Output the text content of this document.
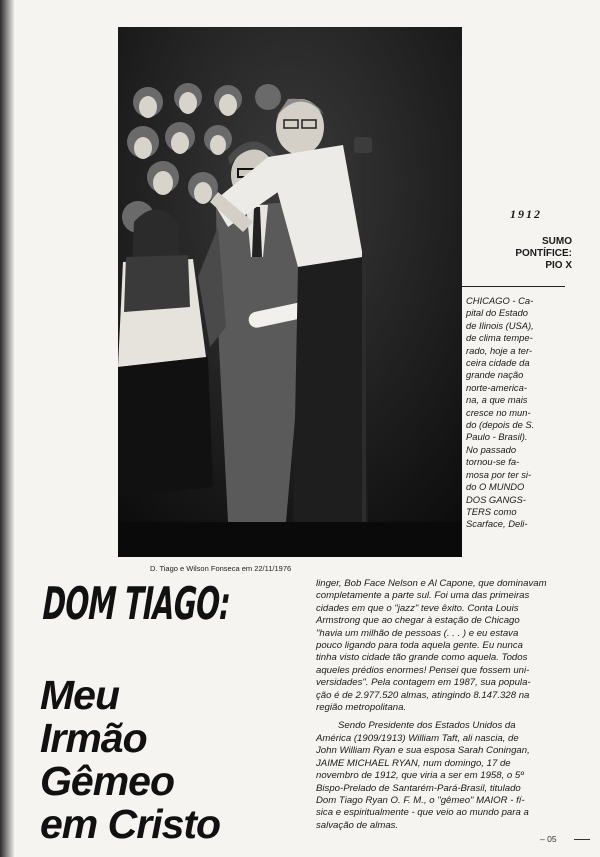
D. Tiago e Wilson Fonseca em 22/11/1976
1912
SUMO
PONTÍFICE:
PIO X
CHICAGO - Ca-
pital do Estado
de Ilinois (USA),
de clima tempe-
rado, hoje a ter-
ceira cidade da
grande nação
norte-america-
na, a que mais
cresce no mun-
do (depois de S.
Paulo - Brasil).
No passado
tornou-se fa-
mosa por ter si-
do O MUNDO
DOS GANGS-
TERS como
Scarface, Deli-
linger, Bob Face Nelson e Al Capone, que dominavam
completamente a parte sul. Foi uma das primeiras
cidades em que o "jazz" teve êxito. Conta Louis
Armstrong que ao chegar à estação de Chicago
"havia um milhão de pessoas (. . . ) e eu estava
pouco ligando para toda aquela gente. Eu nunca
tinha visto cidade tão grande como aquela. Todos
aqueles prédios enormes! Pensei que fossem uni-
versidades". Pela contagem em 1987, sua popula-
ção é de 2.977.520 almas, atingindo 8.147.328 na
região metropolitana.
Sendo Presidente dos Estados Unidos da
América (1909/1913) William Taft, ali nascia, de
John William Ryan e sua esposa Sarah Coningan,
JAIME MICHAEL RYAN, num domingo, 17 de
novembro de 1912, que viria a ser em 1958, o 5º
Bispo-Prelado de Santarém-Pará-Brasil, titulado
Dom Tiago Ryan O. F. M., o "gêmeo" MAIOR - fí-
sica e espiritualmente - que veio ao mundo para a
salvação de almas.
DOM TIAGO:
Meu
Irmão
Gêmeo
em Cristo	– 05
